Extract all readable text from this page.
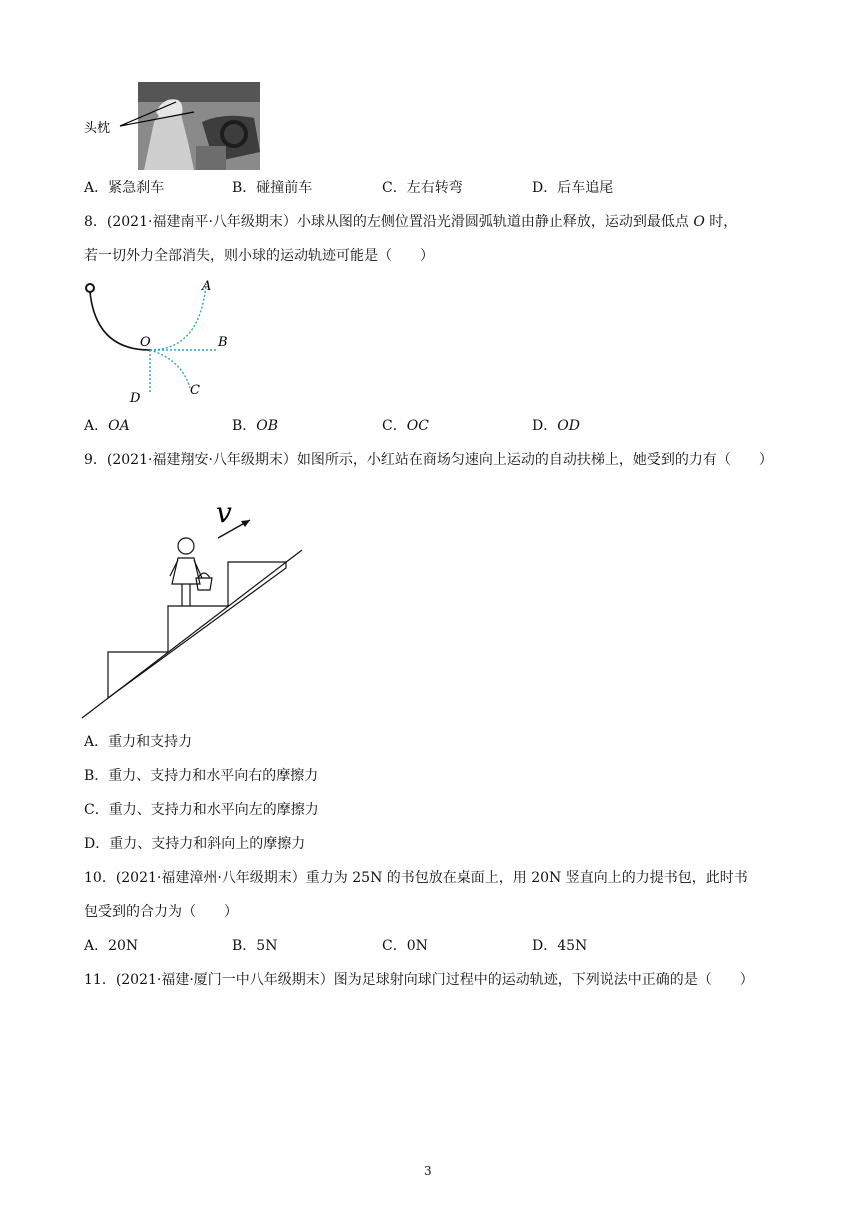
头枕
A．紧急刹车	B．碰撞前车	C．左右转弯	D．后车追尾
8．(2021·福建南平·八年级期末）小球从图的左侧位置沿光滑圆弧轨道由静止释放，运动到最低点 O 时，
若一切外力全部消失，则小球的运动轨迹可能是（　　）
A
B
C
D
O
A．OA	B．OB	C．OC	D．OD
9．(2021·福建翔安·八年级期末）如图所示，小红站在商场匀速向上运动的自动扶梯上，她受到的力有（　　）
v
A．重力和支持力
B．重力、支持力和水平向右的摩擦力
C．重力、支持力和水平向左的摩擦力
D．重力、支持力和斜向上的摩擦力
10．(2021·福建漳州·八年级期末）重力为 25N 的书包放在桌面上，用 20N 竖直向上的力提书包，此时书
包受到的合力为（　　）
A．20N	B．5N	C．0N	D．45N
11．(2021·福建·厦门一中八年级期末）图为足球射向球门过程中的运动轨迹，下列说法中正确的是（　　）
3
